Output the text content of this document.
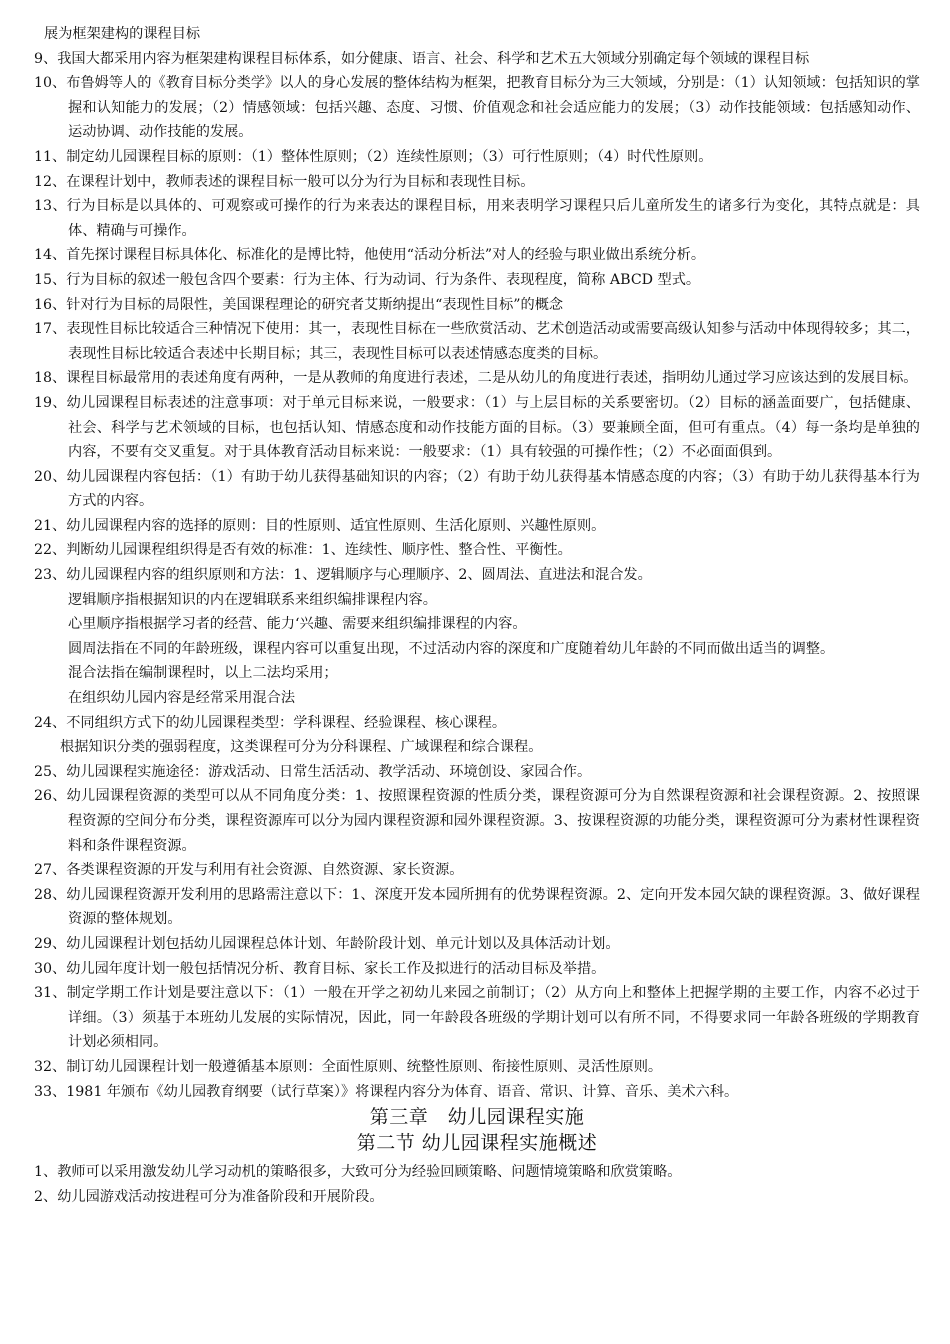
展为框架建构的课程目标

9、我国大都采用内容为框架建构课程目标体系，如分健康、语言、社会、科学和艺术五大领域分别确定每个领域的课程目标

10、布鲁姆等人的《教育目标分类学》以人的身心发展的整体结构为框架，把教育目标分为三大领域，分别是：（1）认知领域：包括知识的掌握和认知能力的发展；（2）情感领域：包括兴趣、态度、习惯、价值观念和社会适应能力的发展；（3）动作技能领域：包括感知动作、运动协调、动作技能的发展。

11、制定幼儿园课程目标的原则：（1）整体性原则；（2）连续性原则；（3）可行性原则；（4）时代性原则。

12、在课程计划中，教师表述的课程目标一般可以分为行为目标和表现性目标。

13、行为目标是以具体的、可观察或可操作的行为来表达的课程目标，用来表明学习课程只后儿童所发生的诸多行为变化，其特点就是：具体、精确与可操作。

14、首先探讨课程目标具体化、标准化的是博比特，他使用“活动分析法”对人的经验与职业做出系统分析。

15、行为目标的叙述一般包含四个要素：行为主体、行为动词、行为条件、表现程度，简称 ABCD 型式。

16、针对行为目标的局限性，美国课程理论的研究者艾斯纳提出“表现性目标”的概念

17、表现性目标比较适合三种情况下使用：其一，表现性目标在一些欣赏活动、艺术创造活动或需要高级认知参与活动中体现得较多；其二，表现性目标比较适合表述中长期目标；其三，表现性目标可以表述情感态度类的目标。

18、课程目标最常用的表述角度有两种，一是从教师的角度进行表述，二是从幼儿的角度进行表述，指明幼儿通过学习应该达到的发展目标。

19、幼儿园课程目标表述的注意事项：对于单元目标来说，一般要求：（1）与上层目标的关系要密切。（2）目标的涵盖面要广，包括健康、社会、科学与艺术领域的目标，也包括认知、情感态度和动作技能方面的目标。（3）要兼顾全面，但可有重点。（4）每一条均是单独的内容，不要有交叉重复。对于具体教育活动目标来说：一般要求：（1）具有较强的可操作性；（2）不必面面俱到。

20、幼儿园课程内容包括：（1）有助于幼儿获得基础知识的内容；（2）有助于幼儿获得基本情感态度的内容；（3）有助于幼儿获得基本行为方式的内容。

21、幼儿园课程内容的选择的原则：目的性原则、适宜性原则、生活化原则、兴趣性原则。

22、判断幼儿园课程组织得是否有效的标准：1、连续性、顺序性、整合性、平衡性。

23、幼儿园课程内容的组织原则和方法：1、逻辑顺序与心理顺序、2、圆周法、直进法和混合发。

逻辑顺序指根据知识的内在逻辑联系来组织编排课程内容。

心里顺序指根据学习者的经营、能力‘兴趣、需要来组织编排课程的内容。

圆周法指在不同的年龄班级，课程内容可以重复出现，不过活动内容的深度和广度随着幼儿年龄的不同而做出适当的调整。

混合法指在编制课程时，以上二法均采用；

在组织幼儿园内容是经常采用混合法

24、不同组织方式下的幼儿园课程类型：学科课程、经验课程、核心课程。

根据知识分类的强弱程度，这类课程可分为分科课程、广域课程和综合课程。

25、幼儿园课程实施途径：游戏活动、日常生活活动、教学活动、环境创设、家园合作。

26、幼儿园课程资源的类型可以从不同角度分类：1、按照课程资源的性质分类，课程资源可分为自然课程资源和社会课程资源。2、按照课程资源的空间分布分类，课程资源库可以分为园内课程资源和园外课程资源。3、按课程资源的功能分类，课程资源可分为素材性课程资料和条件课程资源。

27、各类课程资源的开发与利用有社会资源、自然资源、家长资源。

28、幼儿园课程资源开发利用的思路需注意以下：1、深度开发本园所拥有的优势课程资源。2、定向开发本园欠缺的课程资源。3、做好课程资源的整体规划。

29、幼儿园课程计划包括幼儿园课程总体计划、年龄阶段计划、单元计划以及具体活动计划。

30、幼儿园年度计划一般包括情况分析、教育目标、家长工作及拟进行的活动目标及举措。

31、制定学期工作计划是要注意以下：（1）一般在开学之初幼儿来园之前制订；（2）从方向上和整体上把握学期的主要工作，内容不必过于详细。（3）须基于本班幼儿发展的实际情况，因此，同一年龄段各班级的学期计划可以有所不同，不得要求同一年龄各班级的学期教育计划必须相同。

32、制订幼儿园课程计划一般遵循基本原则：全面性原则、统整性原则、衔接性原则、灵活性原则。

33、1981 年颁布《幼儿园教育纲要（试行草案）》将课程内容分为体育、语音、常识、计算、音乐、美术六科。

第三章　幼儿园课程实施

第二节 幼儿园课程实施概述

1、教师可以采用激发幼儿学习动机的策略很多，大致可分为经验回顾策略、问题情境策略和欣赏策略。

2、幼儿园游戏活动按进程可分为准备阶段和开展阶段。
